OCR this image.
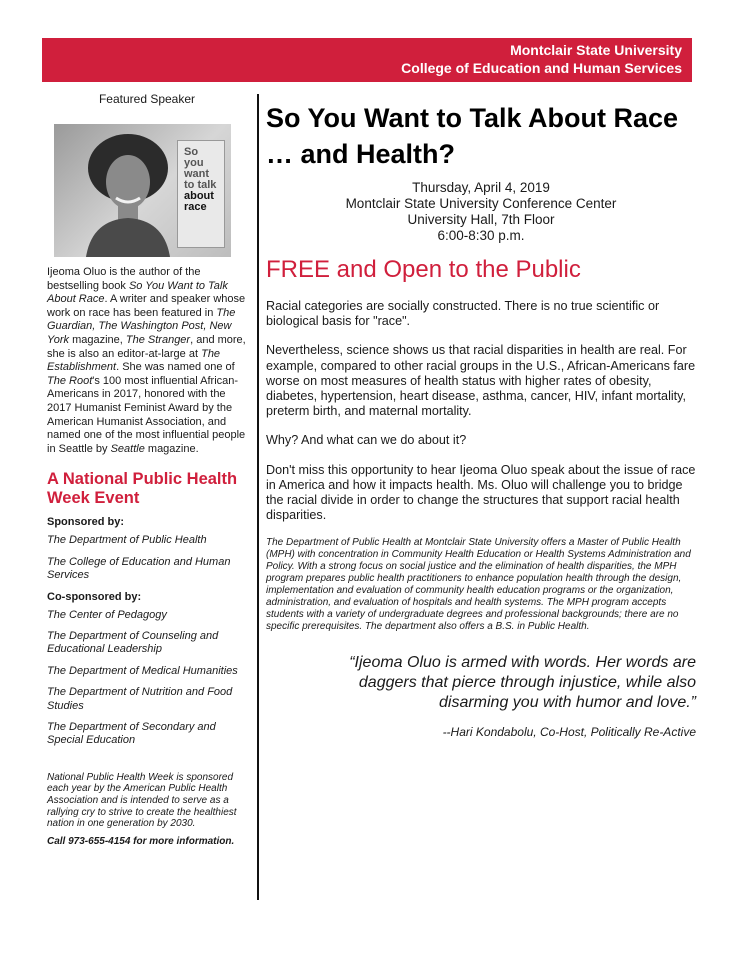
Montclair State University
College of Education and Human Services
Featured Speaker
So you
want
to talk
about
race

Ijeoma Oluo is the author of the bestselling book So You Want to Talk About Race. A writer and speaker whose work on race has been featured in The Guardian, The Washington Post, New York magazine, The Stranger, and more, she is also an editor-at-large at The Establishment. She was named one of The Root's 100 most influential African-Americans in 2017, honored with the 2017 Humanist Feminist Award by the American Humanist Association, and named one of the most influential people in Seattle by Seattle magazine.

A National Public Health Week Event
Sponsored by:
The Department of Public Health
The College of Education and Human Services
Co-sponsored by:
The Center of Pedagogy
The Department of Counseling and Educational Leadership
The Department of Medical Humanities
The Department of Nutrition and Food Studies
The Department of Secondary and Special Education

National Public Health Week is sponsored each year by the American Public Health Association and is intended to serve as a rallying cry to strive to create the healthiest nation in one generation by 2030.

Call 973-655-4154 for more information.

So You Want to Talk About Race … and Health?
Thursday, April 4, 2019
Montclair State University Conference Center
University Hall, 7th Floor
6:00-8:30 p.m.
FREE and Open to the Public

Racial categories are socially constructed. There is no true scientific or biological basis for "race".

Nevertheless, science shows us that racial disparities in health are real. For example, compared to other racial groups in the U.S., African-Americans fare worse on most measures of health status with higher rates of obesity, diabetes, hypertension, heart disease, asthma, cancer, HIV, infant mortality, preterm birth, and maternal mortality.

Why? And what can we do about it?

Don't miss this opportunity to hear Ijeoma Oluo speak about the issue of race in America and how it impacts health. Ms. Oluo will challenge you to bridge the racial divide in order to change the structures that support racial health disparities.

The Department of Public Health at Montclair State University offers a Master of Public Health (MPH) with concentration in Community Health Education or Health Systems Administration and Policy. With a strong focus on social justice and the elimination of health disparities, the MPH program prepares public health practitioners to enhance population health through the design, implementation and evaluation of community health education programs or the organization, administration, and evaluation of hospitals and health systems. The MPH program accepts students with a variety of undergraduate degrees and professional backgrounds; there are no specific prerequisites. The department also offers a B.S. in Public Health.

“Ijeoma Oluo is armed with words. Her words are
daggers that pierce through injustice, while also
disarming you with humor and love.”

--Hari Kondabolu, Co-Host, Politically Re-Active
